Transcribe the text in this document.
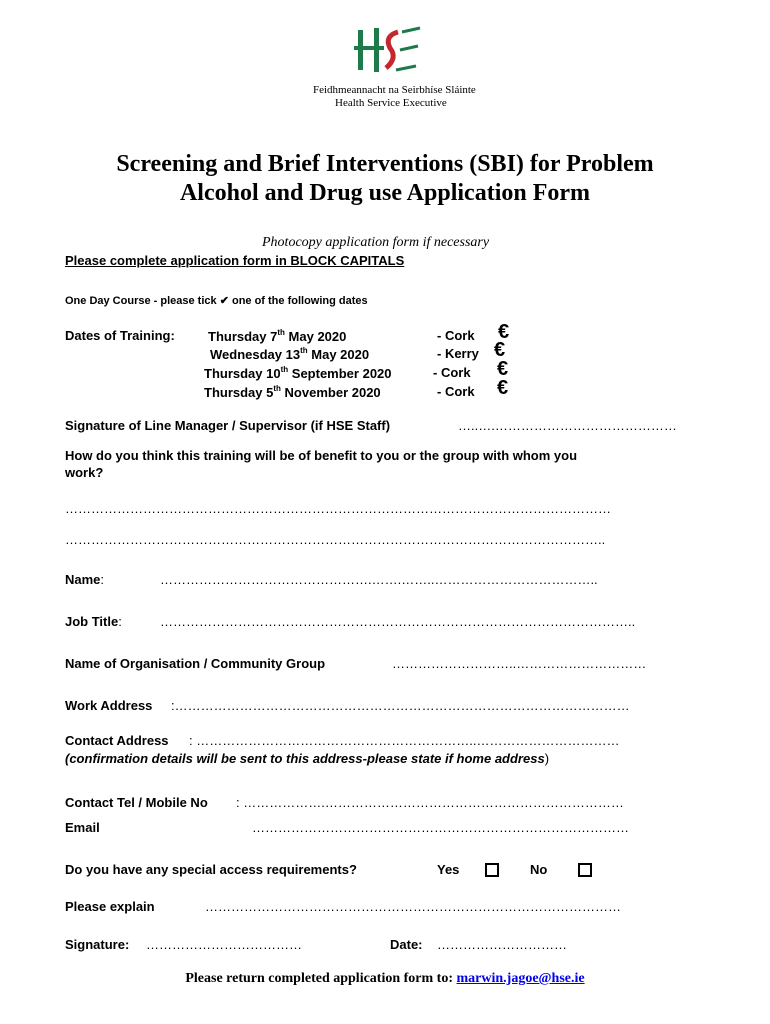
Feidhmeannacht na Seirbhíse Sláinte
Health Service Executive
Screening and Brief Interventions (SBI) for Problem
Alcohol and Drug use Application Form
Photocopy application form if necessary
Please complete application form in BLOCK CAPITALS
One Day Course - please tick ✔ one of the following dates
Dates of Training:	Thursday 7th May 2020	- Cork €
Wednesday 13th May 2020	- Kerry €
Thursday 10th September 2020	- Cork €
Thursday 5th November 2020	- Cork €
Signature of Line Manager / Supervisor (if HSE Staff)	…..….……………………………………
How do you think this training will be of benefit to you or the group with whom you
work?
………………………………………………………………………………………………………………
……………………………………………………………………………………………………………..
Name:	………………………………………….…….……..………………………………..
Job Title:	………………………………………………………………………………………………..
Name of Organisation / Community Group	………………………..…………………………
Work Address :……………………………………………………………………………………………
Contact Address : ………………………………………………………..……………………………
(confirmation details will be sent to this address-please state if home address)
Contact Tel / Mobile No : ……………….……………………………………………………………
Email	……………………………………………………………………………
Do you have any special access requirements?	Yes	No
Please explain	……………………………………………………………………………………
Signature: ………………………………	Date: …………………………
Please return completed application form to: marwin.jagoe@hse.ie
